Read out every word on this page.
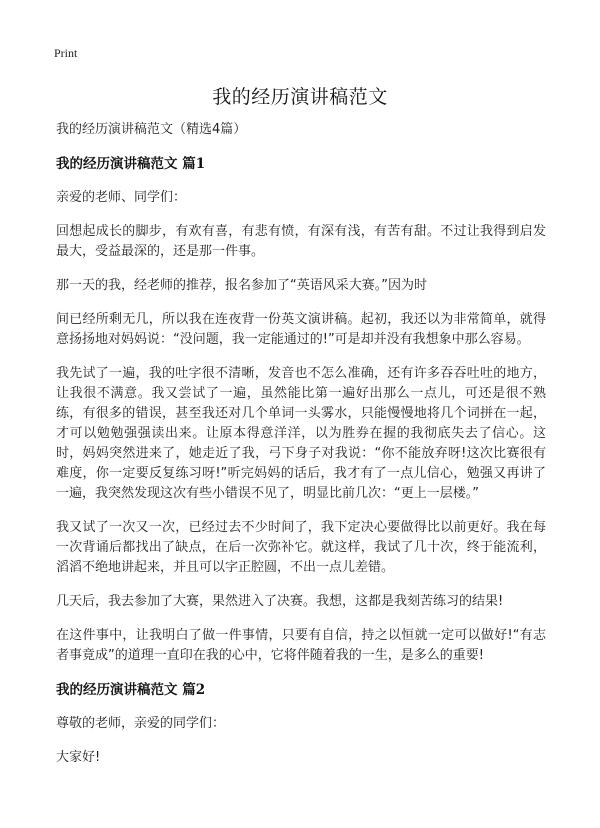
Print
我的经历演讲稿范文

我的经历演讲稿范文（精选4篇）

我的经历演讲稿范文 篇1

亲爱的老师、同学们：

回想起成长的脚步，有欢有喜，有悲有愤，有深有浅，有苦有甜。不过让我得到启发最大，受益最深的，还是那一件事。

那一天的我，经老师的推荐，报名参加了“英语风采大赛。”因为时

间已经所剩无几，所以我在连夜背一份英文演讲稿。起初，我还以为非常简单，就得意扬扬地对妈妈说：“没问题，我一定能通过的!”可是却并没有我想象中那么容易。

我先试了一遍，我的吐字很不清晰，发音也不怎么准确，还有许多吞吞吐吐的地方，让我很不满意。我又尝试了一遍，虽然能比第一遍好出那么一点儿，可还是很不熟练，有很多的错误，甚至我还对几个单词一头雾水，只能慢慢地将几个词拼在一起，才可以勉勉强强读出来。让原本得意洋洋，以为胜券在握的我彻底失去了信心。这时，妈妈突然进来了，她走近了我，弓下身子对我说：“你不能放弃呀!这次比赛很有难度，你一定要反复练习呀!”听完妈妈的话后，我才有了一点儿信心，勉强又再讲了一遍，我突然发现这次有些小错误不见了，明显比前几次：“更上一层楼。”

我又试了一次又一次，已经过去不少时间了，我下定决心要做得比以前更好。我在每一次背诵后都找出了缺点，在后一次弥补它。就这样，我试了几十次，终于能流利，滔滔不绝地讲起来，并且可以字正腔圆，不出一点儿差错。

几天后，我去参加了大赛，果然进入了决赛。我想，这都是我刻苦练习的结果!

在这件事中，让我明白了做一件事情，只要有自信，持之以恒就一定可以做好!“有志者事竟成”的道理一直印在我的心中，它将伴随着我的一生，是多么的重要!

我的经历演讲稿范文 篇2

尊敬的老师，亲爱的同学们：

大家好!
